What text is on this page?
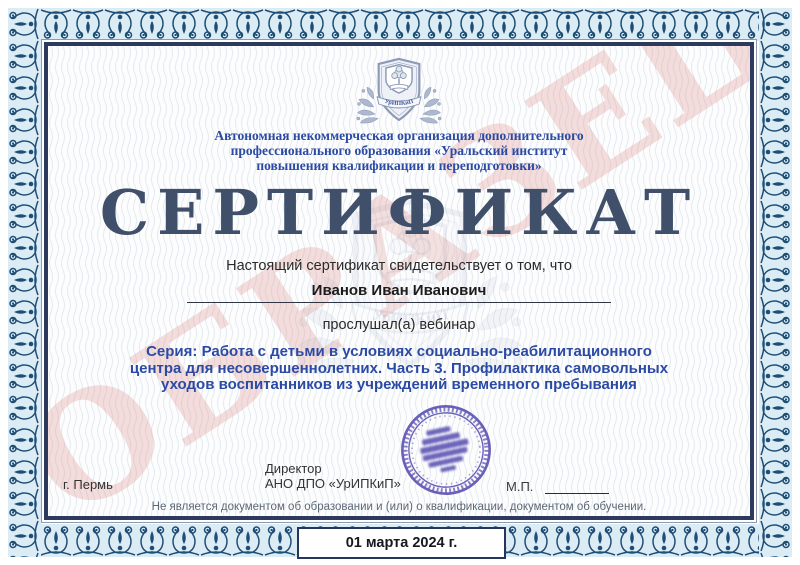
Автономная некоммерческая организация дополнительного
профессионального образования «Уральский институт
повышения квалификации и переподготовки»
СЕРТИФИКАТ
Настоящий сертификат свидетельствует о том, что
Иванов Иван Иванович
прослушал(а) вебинар
Серия: Работа с детьми в условиях социально-реабилитационного
центра для несовершеннолетних. Часть 3. Профилактика самовольных
уходов воспитанников из учреждений временного пребывания
Директор
АНО ДПО «УрИПКиП»
г. Пермь	М.П.
Не является документом об образовании и (или) о квалификации, документом об обучении.
01 марта 2024 г.
